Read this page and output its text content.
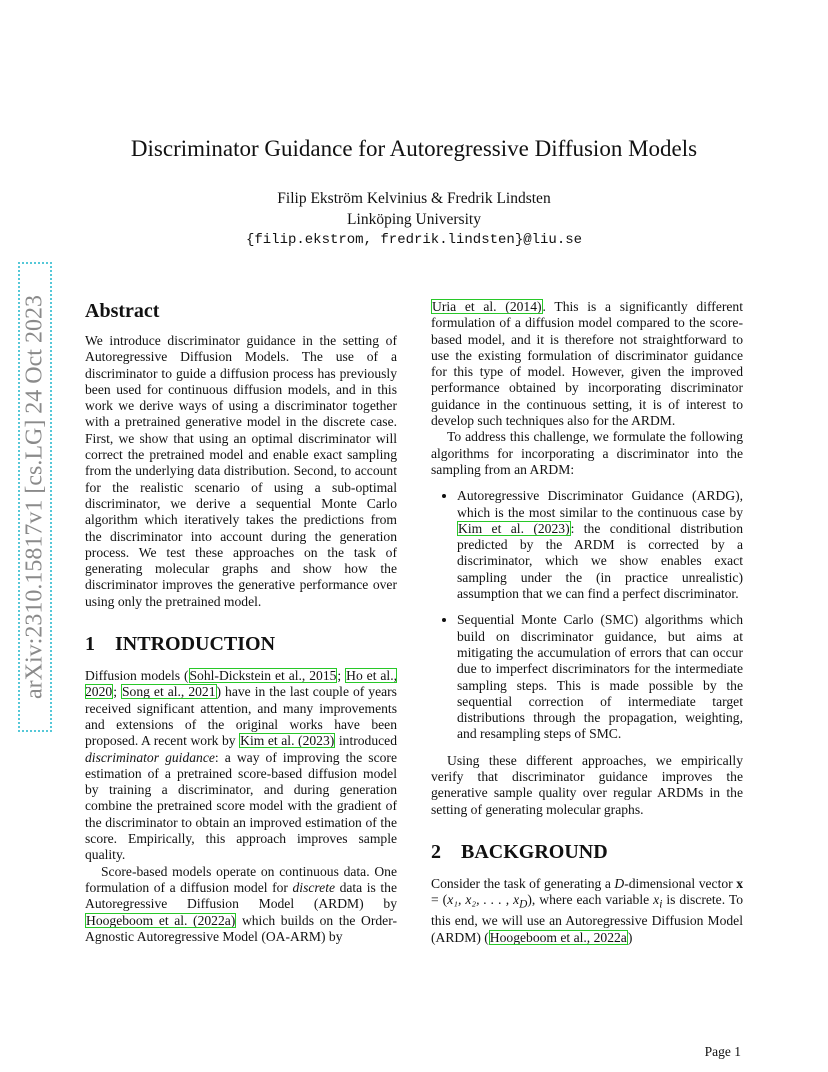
arXiv:2310.15817v1 [cs.LG] 24 Oct 2023
Discriminator Guidance for Autoregressive Diffusion Models
Filip Ekström Kelvinius & Fredrik Lindsten
Linköping University
{filip.ekstrom, fredrik.lindsten}@liu.se
Abstract

We introduce discriminator guidance in the setting of Autoregressive Diffusion Models. The use of a discriminator to guide a diffusion process has previously been used for continuous diffusion models, and in this work we derive ways of using a discriminator together with a pretrained generative model in the discrete case. First, we show that using an optimal discriminator will correct the pretrained model and enable exact sampling from the underlying data distribution. Second, to account for the realistic scenario of using a sub-optimal discriminator, we derive a sequential Monte Carlo algorithm which iteratively takes the predictions from the discriminator into account during the generation process. We test these approaches on the task of generating molecular graphs and show how the discriminator improves the generative performance over using only the pretrained model.

1 INTRODUCTION

Diffusion models (Sohl-Dickstein et al., 2015; Ho et al., 2020; Song et al., 2021) have in the last couple of years received significant attention, and many improvements and extensions of the original works have been proposed. A recent work by Kim et al. (2023) introduced discriminator guidance: a way of improving the score estimation of a pretrained score-based diffusion model by training a discriminator, and during generation combine the pretrained score model with the gradient of the discriminator to obtain an improved estimation of the score. Empirically, this approach improves sample quality.

Score-based models operate on continuous data. One formulation of a diffusion model for discrete data is the Autoregressive Diffusion Model (ARDM) by Hoogeboom et al. (2022a) which builds on the Order-Agnostic Autoregressive Model (OA-ARM) by

Uria et al. (2014). This is a significantly different formulation of a diffusion model compared to the score-based model, and it is therefore not straightforward to use the existing formulation of discriminator guidance for this type of model. However, given the improved performance obtained by incorporating discriminator guidance in the continuous setting, it is of interest to develop such techniques also for the ARDM.

To address this challenge, we formulate the following algorithms for incorporating a discriminator into the sampling from an ARDM:

• Autoregressive Discriminator Guidance (ARDG), which is the most similar to the continuous case by Kim et al. (2023): the conditional distribution predicted by the ARDM is corrected by a discriminator, which we show enables exact sampling under the (in practice unrealistic) assumption that we can find a perfect discriminator.
• Sequential Monte Carlo (SMC) algorithms which build on discriminator guidance, but aims at mitigating the accumulation of errors that can occur due to imperfect discriminators for the intermediate sampling steps. This is made possible by the sequential correction of intermediate target distributions through the propagation, weighting, and resampling steps of SMC.

Using these different approaches, we empirically verify that discriminator guidance improves the generative sample quality over regular ARDMs in the setting of generating molecular graphs.

2 BACKGROUND

Consider the task of generating a D-dimensional vector x = (x₁, x₂, . . . , $x_D$), where each variable $x_i$ is discrete. To this end, we will use an Autoregressive Diffusion Model (ARDM) (Hoogeboom et al., 2022a)

Page 1
